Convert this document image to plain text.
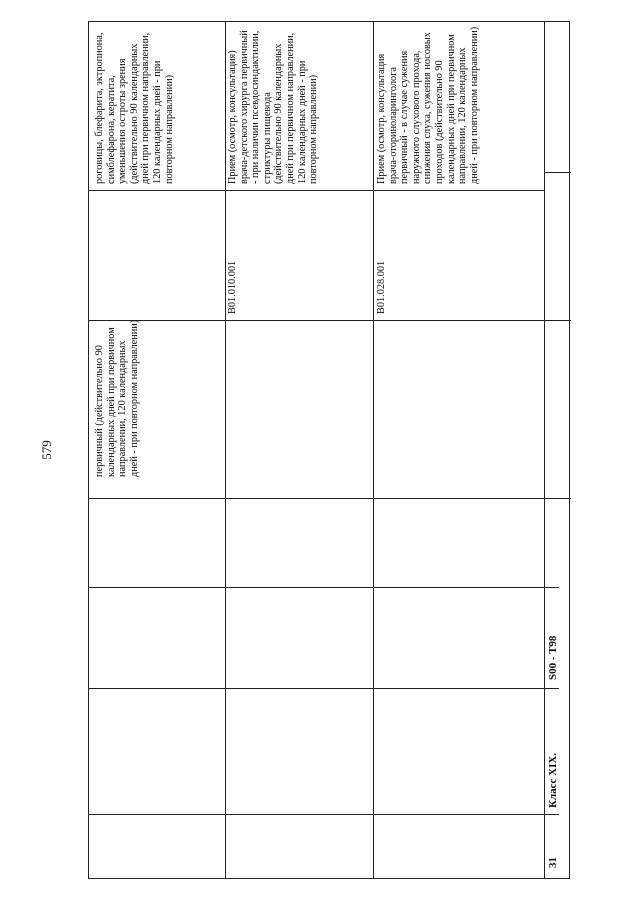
579	первичный (действительно 90 календарных дней при первичном направлении, 120 календарных дней - при повторном направлении)
роговицы, блефарита, эктропиона, симблефарона, кератита, уменьшения остроты зрения (действительно 90 календарных дней при первичном направлении, 120 календарных дней - при повторном направлении)
B01.010.001
Прием (осмотр, консультация) врача-детского хирурга первичный - при наличии псевдосиндактилии, стриктуры пищевода (действительно 90 календарных дней при первичном направлении, 120 календарных дней - при повторном направлении)
B01.028.001
Прием (осмотр, консультация врача-оториноларинголога первичный - в случае сужения наружного слухового прохода, снижения слуха, сужения носовых проходов (действительно 90 календарных дней при первичном направлении, 120 календарных дней - при повторном направлении)
31
Класс XIX.
S00 - T98
